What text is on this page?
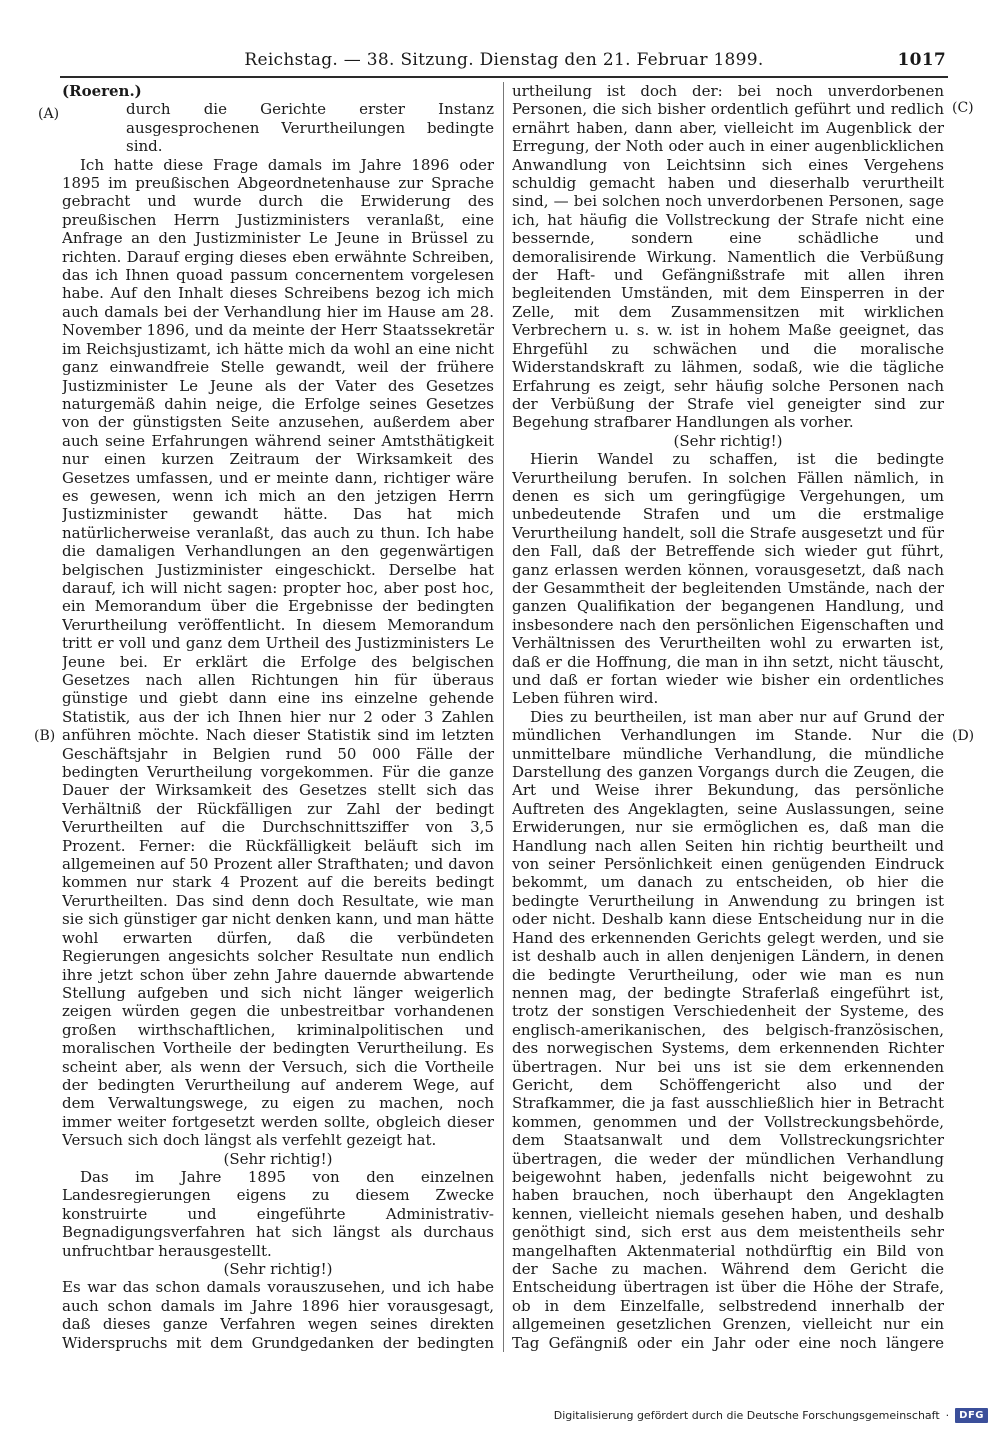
Reichstag. — 38. Sitzung. Dienstag den 21. Februar 1899.	1017
(A)
(B)
(C)
(D)

(Roeren.)

durch die Gerichte erster Instanz ausgesprochenen Verurtheilungen bedingte sind.

Ich hatte diese Frage damals im Jahre 1896 oder 1895 im preußischen Abgeordnetenhause zur Sprache gebracht und wurde durch die Erwiderung des preußischen Herrn Justizministers veranlaßt, eine Anfrage an den Justizminister Le Jeune in Brüssel zu richten. Darauf erging dieses eben erwähnte Schreiben, das ich Ihnen quoad passum concernentem vorgelesen habe. Auf den Inhalt dieses Schreibens bezog ich mich auch damals bei der Verhandlung hier im Hause am 28. November 1896, und da meinte der Herr Staatssekretär im Reichsjustizamt, ich hätte mich da wohl an eine nicht ganz einwandfreie Stelle gewandt, weil der frühere Justizminister Le Jeune als der Vater des Gesetzes naturgemäß dahin neige, die Erfolge seines Gesetzes von der günstigsten Seite anzusehen, außerdem aber auch seine Erfahrungen während seiner Amtsthätigkeit nur einen kurzen Zeitraum der Wirksamkeit des Gesetzes umfassen, und er meinte dann, richtiger wäre es gewesen, wenn ich mich an den jetzigen Herrn Justizminister gewandt hätte. Das hat mich natürlicherweise veranlaßt, das auch zu thun. Ich habe die damaligen Verhandlungen an den gegenwärtigen belgischen Justizminister eingeschickt. Derselbe hat darauf, ich will nicht sagen: propter hoc, aber post hoc, ein Memorandum über die Ergebnisse der bedingten Verurtheilung veröffentlicht. In diesem Memorandum tritt er voll und ganz dem Urtheil des Justizministers Le Jeune bei. Er erklärt die Erfolge des belgischen Gesetzes nach allen Richtungen hin für überaus günstige und giebt dann eine ins einzelne gehende Statistik, aus der ich Ihnen hier nur 2 oder 3 Zahlen anführen möchte. Nach dieser Statistik sind im letzten Geschäftsjahr in Belgien rund 50 000 Fälle der bedingten Verurtheilung vorgekommen. Für die ganze Dauer der Wirksamkeit des Gesetzes stellt sich das Verhältniß der Rückfälligen zur Zahl der bedingt Verurtheilten auf die Durchschnittsziffer von 3,5 Prozent. Ferner: die Rückfälligkeit beläuft sich im allgemeinen auf 50 Prozent aller Strafthaten; und davon kommen nur stark 4 Prozent auf die bereits bedingt Verurtheilten. Das sind denn doch Resultate, wie man sie sich günstiger gar nicht denken kann, und man hätte wohl erwarten dürfen, daß die verbündeten Regierungen angesichts solcher Resultate nun endlich ihre jetzt schon über zehn Jahre dauernde abwartende Stellung aufgeben und sich nicht länger weigerlich zeigen würden gegen die unbestreitbar vorhandenen großen wirthschaftlichen, kriminalpolitischen und moralischen Vortheile der bedingten Verurtheilung. Es scheint aber, als wenn der Versuch, sich die Vortheile der bedingten Verurtheilung auf anderem Wege, auf dem Verwaltungswege, zu eigen zu machen, noch immer weiter fortgesetzt werden sollte, obgleich dieser Versuch sich doch längst als verfehlt gezeigt hat.

(Sehr richtig!)

Das im Jahre 1895 von den einzelnen Landesregierungen eigens zu diesem Zwecke konstruirte und eingeführte Administrativ-Begnadigungsverfahren hat sich längst als durchaus unfruchtbar herausgestellt.

(Sehr richtig!)

Es war das schon damals vorauszusehen, und ich habe auch schon damals im Jahre 1896 hier vorausgesagt, daß dieses ganze Verfahren wegen seines direkten Widerspruchs mit dem Grundgedanken der bedingten

urtheilung ist doch der: bei noch unverdorbenen Personen, die sich bisher ordentlich geführt und redlich ernährt haben, dann aber, vielleicht im Augenblick der Erregung, der Noth oder auch in einer augenblicklichen Anwandlung von Leichtsinn sich eines Vergehens schuldig gemacht haben und dieserhalb verurtheilt sind, — bei solchen noch unverdorbenen Personen, sage ich, hat häufig die Vollstreckung der Strafe nicht eine bessernde, sondern eine schädliche und demoralisirende Wirkung. Namentlich die Verbüßung der Haft- und Gefängnißstrafe mit allen ihren begleitenden Umständen, mit dem Einsperren in der Zelle, mit dem Zusammensitzen mit wirklichen Verbrechern u. s. w. ist in hohem Maße geeignet, das Ehrgefühl zu schwächen und die moralische Widerstandskraft zu lähmen, sodaß, wie die tägliche Erfahrung es zeigt, sehr häufig solche Personen nach der Verbüßung der Strafe viel geneigter sind zur Begehung strafbarer Handlungen als vorher.

(Sehr richtig!)

Hierin Wandel zu schaffen, ist die bedingte Verurtheilung berufen. In solchen Fällen nämlich, in denen es sich um geringfügige Vergehungen, um unbedeutende Strafen und um die erstmalige Verurtheilung handelt, soll die Strafe ausgesetzt und für den Fall, daß der Betreffende sich wieder gut führt, ganz erlassen werden können, vorausgesetzt, daß nach der Gesammtheit der begleitenden Umstände, nach der ganzen Qualifikation der begangenen Handlung, und insbesondere nach den persönlichen Eigenschaften und Verhältnissen des Verurtheilten wohl zu erwarten ist, daß er die Hoffnung, die man in ihn setzt, nicht täuscht, und daß er fortan wieder wie bisher ein ordentliches Leben führen wird.

Dies zu beurtheilen, ist man aber nur auf Grund der mündlichen Verhandlungen im Stande. Nur die unmittelbare mündliche Verhandlung, die mündliche Darstellung des ganzen Vorgangs durch die Zeugen, die Art und Weise ihrer Bekundung, das persönliche Auftreten des Angeklagten, seine Auslassungen, seine Erwiderungen, nur sie ermöglichen es, daß man die Handlung nach allen Seiten hin richtig beurtheilt und von seiner Persönlichkeit einen genügenden Eindruck bekommt, um danach zu entscheiden, ob hier die bedingte Verurtheilung in Anwendung zu bringen ist oder nicht. Deshalb kann diese Entscheidung nur in die Hand des erkennenden Gerichts gelegt werden, und sie ist deshalb auch in allen denjenigen Ländern, in denen die bedingte Verurtheilung, oder wie man es nun nennen mag, der bedingte Straferlaß eingeführt ist, trotz der sonstigen Verschiedenheit der Systeme, des englisch-amerikanischen, des belgisch-französischen, des norwegischen Systems, dem erkennenden Richter übertragen. Nur bei uns ist sie dem erkennenden Gericht, dem Schöffengericht also und der Strafkammer, die ja fast ausschließlich hier in Betracht kommen, genommen und der Vollstreckungsbehörde, dem Staatsanwalt und dem Vollstreckungsrichter übertragen, die weder der mündlichen Verhandlung beigewohnt haben, jedenfalls nicht beigewohnt zu haben brauchen, noch überhaupt den Angeklagten kennen, vielleicht niemals gesehen haben, und deshalb genöthigt sind, sich erst aus dem meistentheils sehr mangelhaften Aktenmaterial nothdürftig ein Bild von der Sache zu machen. Während dem Gericht die Entscheidung übertragen ist über die Höhe der Strafe, ob in dem Einzelfalle, selbstredend innerhalb der allgemeinen gesetzlichen Grenzen, vielleicht nur ein Tag Gefängniß oder ein Jahr oder eine noch längere

Digitalisierung gefördert durch die Deutsche Forschungsgemeinschaft ·	DFG
